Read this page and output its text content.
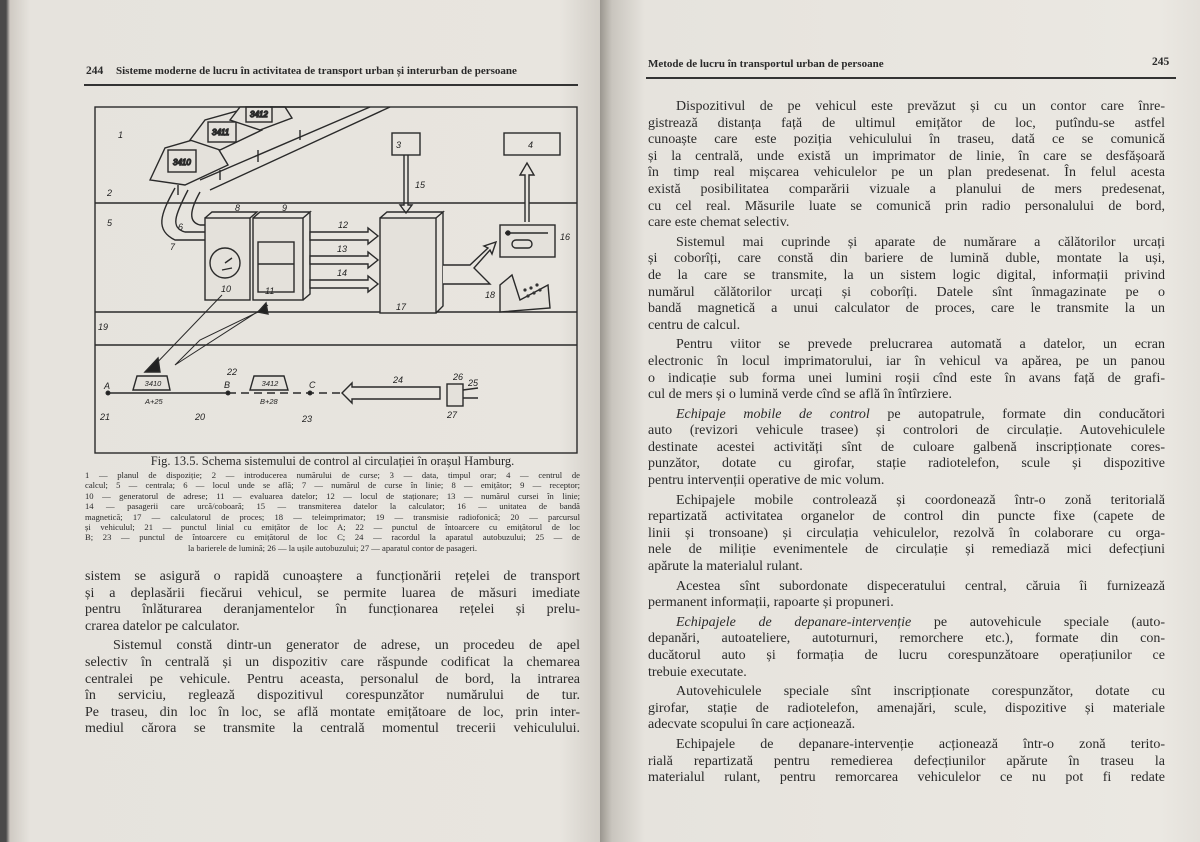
244 Sisteme moderne de lucru în activitatea de transport urban și interurban de persoane
3410
3411
3412
3410	3412
A+25	B+28
A	B	C
1
2
3	4
5	6
7
8	9
10	11
12
13
14
15
16
17
18
19
20
21
22
23
24	25
26
27
Fig. 13.5. Schema sistemului de control al circulației în orașul Hamburg.
1 — planul de dispoziție; 2 — introducerea numărului de curse; 3 — data, timpul orar; 4 — centrul de
calcul; 5 — centrala; 6 — locul unde se află; 7 — numărul de curse în linie; 8 — emițător; 9 — receptor;
10 — generatorul de adrese; 11 — evaluarea datelor; 12 — locul de staționare; 13 — numărul cursei în linie;
14 — pasagerii care urcă/coboară; 15 — transmiterea datelor la calculator; 16 — unitatea de bandă
magnetică; 17 — calculatorul de proces; 18 — teleimprimator; 19 — transmisie radiofonică; 20 — parcursul
și vehiculul; 21 — punctul linial cu emițător de loc A; 22 — punctul de întoarcere cu emițătorul de loc
B; 23 — punctul de întoarcere cu emițătorul de loc C; 24 — racordul la aparatul autobuzului; 25 — de
la barierele de lumină; 26 — la ușile autobuzului; 27 — aparatul contor de pasageri.
sistem se asigură o rapidă cunoaștere a funcționării rețelei de transport
și a deplasării fiecărui vehicul, se permite luarea de măsuri imediate
pentru înlăturarea deranjamentelor în funcționarea rețelei și prelu-
crarea datelor pe calculator.
Sistemul constă dintr-un generator de adrese, un procedeu de apel
selectiv în centrală și un dispozitiv care răspunde codificat la chemarea
centralei pe vehicule. Pentru aceasta, personalul de bord, la intrarea
în serviciu, reglează dispozitivul corespunzător numărului de tur.
Pe traseu, din loc în loc, se află montate emițătoare de loc, prin inter-
mediul cărora se transmite la centrală momentul trecerii vehiculului.
Metode de lucru în transportul urban de persoane	245
Dispozitivul de pe vehicul este prevăzut și cu un contor care înre-
gistrează distanța față de ultimul emițător de loc, putîndu-se astfel
cunoaște care este poziția vehiculului în traseu, dată ce se comunică
și la centrală, unde există un imprimator de linie, în care se desfășoară
în timp real mișcarea vehiculelor pe un plan predesenat. În felul acesta
există posibilitatea comparării vizuale a planului de mers predesenat,
cu cel real. Măsurile luate se comunică prin radio personalului de bord,
care este chemat selectiv.
Sistemul mai cuprinde și aparate de numărare a călătorilor urcați
și coborîți, care constă din bariere de lumină duble, montate la uși,
de la care se transmite, la un sistem logic digital, informații privind
numărul călătorilor urcați și coborîți. Datele sînt înmagazinate pe o
bandă magnetică a unui calculator de proces, care le transmite la un
centru de calcul.
Pentru viitor se prevede prelucrarea automată a datelor, un ecran
electronic în locul imprimatorului, iar în vehicul va apărea, pe un panou
o indicație sub forma unei lumini roșii cînd este în avans față de grafi-
cul de mers și o lumină verde cînd se află în întîrziere.
Echipaje mobile de control pe autopatrule, formate din conducători
auto (revizori vehicule trasee) și controlori de circulație. Autovehiculele
destinate acestei activități sînt de culoare galbenă inscripționate cores-
punzător, dotate cu girofar, stație radiotelefon, scule și dispozitive
pentru intervenții operative de mic volum.
Echipajele mobile controlează și coordonează într-o zonă teritorială
repartizată activitatea organelor de control din puncte fixe (capete de
linii și tronsoane) și circulația vehiculelor, rezolvă în colaborare cu orga-
nele de miliție evenimentele de circulație și remediază mici defecțiuni
apărute la materialul rulant.
Acestea sînt subordonate dispeceratului central, căruia îi furnizează
permanent informații, rapoarte și propuneri.
Echipajele de depanare-intervenție pe autovehicule speciale (auto-
depanări, autoateliere, autoturnuri, remorchere etc.), formate din con-
ducătorul auto și formația de lucru corespunzătoare operațiunilor ce
trebuie executate.
Autovehiculele speciale sînt inscripționate corespunzător, dotate cu
girofar, stație de radiotelefon, amenajări, scule, dispozitive și materiale
adecvate scopului în care acționează.
Echipajele de depanare-intervenție acționează într-o zonă terito-
rială repartizată pentru remedierea defecțiunilor apărute în traseu la
materialul rulant, pentru remorcarea vehiculelor ce nu pot fi redate
